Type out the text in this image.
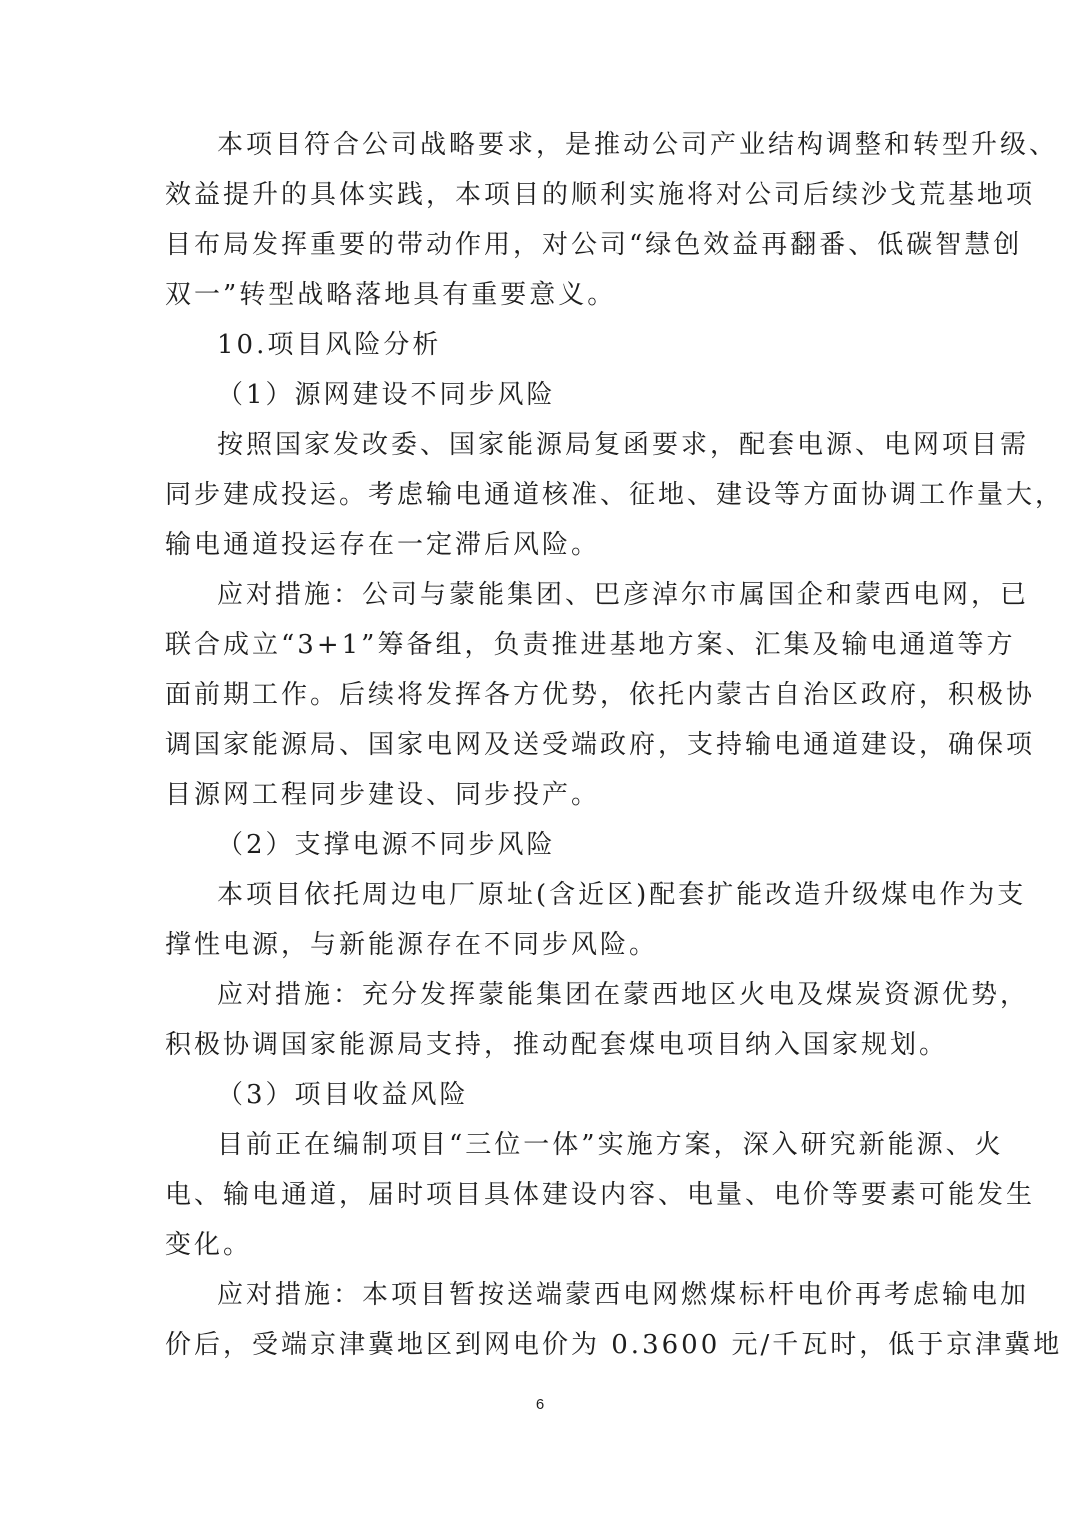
本项目符合公司战略要求，是推动公司产业结构调整和转型升级、
效益提升的具体实践，本项目的顺利实施将对公司后续沙戈荒基地项
目布局发挥重要的带动作用，对公司“绿色效益再翻番、低碳智慧创
双一”转型战略落地具有重要意义。
10.项目风险分析
（1）源网建设不同步风险
按照国家发改委、国家能源局复函要求，配套电源、电网项目需
同步建成投运。考虑输电通道核准、征地、建设等方面协调工作量大，
输电通道投运存在一定滞后风险。
应对措施：公司与蒙能集团、巴彦淖尔市属国企和蒙西电网，已
联合成立“3+1”筹备组，负责推进基地方案、汇集及输电通道等方
面前期工作。后续将发挥各方优势，依托内蒙古自治区政府，积极协
调国家能源局、国家电网及送受端政府，支持输电通道建设，确保项
目源网工程同步建设、同步投产。
（2）支撑电源不同步风险
本项目依托周边电厂原址(含近区)配套扩能改造升级煤电作为支
撑性电源，与新能源存在不同步风险。
应对措施：充分发挥蒙能集团在蒙西地区火电及煤炭资源优势，
积极协调国家能源局支持，推动配套煤电项目纳入国家规划。
（3）项目收益风险
目前正在编制项目“三位一体”实施方案，深入研究新能源、火
电、输电通道，届时项目具体建设内容、电量、电价等要素可能发生
变化。
应对措施：本项目暂按送端蒙西电网燃煤标杆电价再考虑输电加
价后，受端京津冀地区到网电价为 0.3600 元/千瓦时，低于京津冀地
6
